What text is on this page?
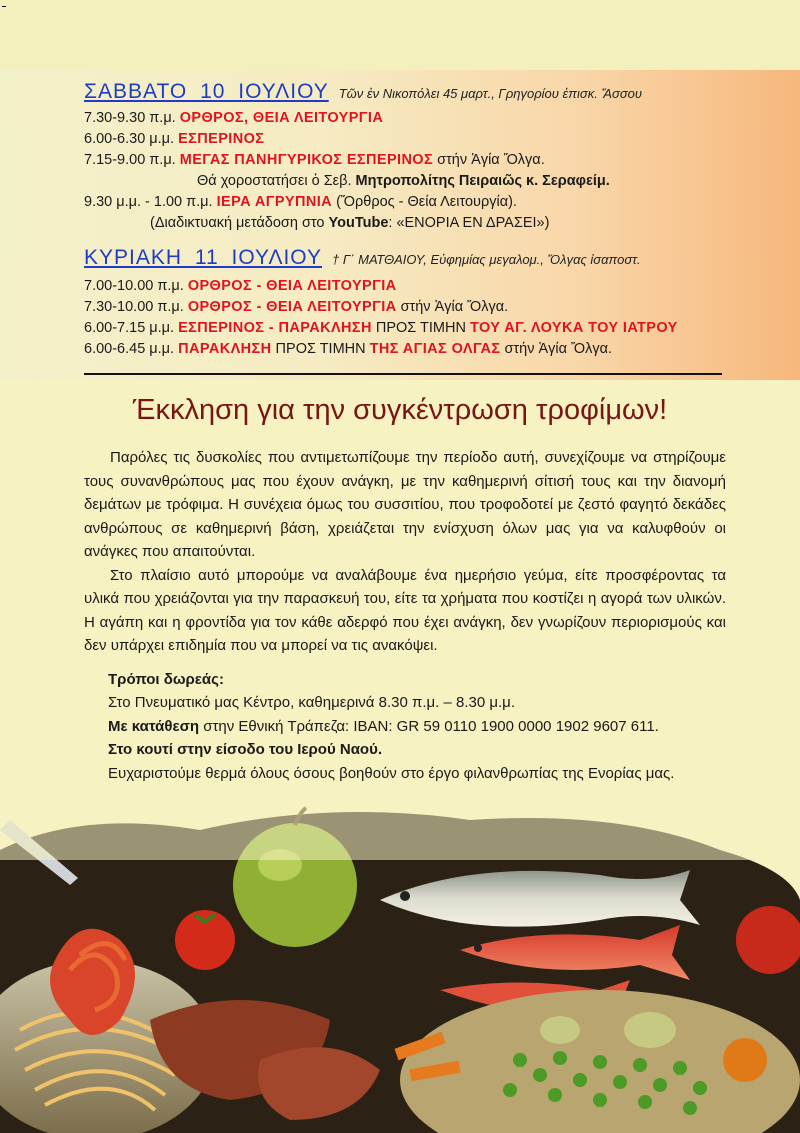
ΣΑΒΒΑΤΟ 10 ΙΟΥΛΙΟΥ Τῶν ἐν Νικοπόλει 45 μαρτ., Γρηγορίου ἐπισκ. Ἄσσου
7.30-9.30 π.μ. ΟΡΘΡΟΣ, ΘΕΙΑ ΛΕΙΤΟΥΡΓΙΑ
6.00-6.30 μ.μ. ΕΣΠΕΡΙΝΟΣ
7.15-9.00 π.μ. ΜΕΓΑΣ ΠΑΝΗΓΥΡΙΚΟΣ ΕΣΠΕΡΙΝΟΣ στήν Ἁγία Ὄλγα.
Θά χοροστατήσει ὁ Σεβ. Μητροπολίτης Πειραιῶς κ. Σεραφείμ.
9.30 μ.μ. - 1.00 π.μ. ΙΕΡΑ ΑΓΡΥΠΝΙΑ (Ὄρθρος - Θεία Λειτουργία).
(Διαδικτυακή μετάδοση στο YouTube: «ΕΝΟΡΙΑ ΕΝ ΔΡΑΣΕΙ»)
ΚΥΡΙΑΚΗ 11 ΙΟΥΛΙΟΥ † Γ΄ ΜΑΤΘΑΙΟΥ, Εὐφημίας μεγαλομ., Ὄλγας ἰσαποστ.
7.00-10.00 π.μ. ΟΡΘΡΟΣ - ΘΕΙΑ ΛΕΙΤΟΥΡΓΙΑ
7.30-10.00 π.μ. ΟΡΘΡΟΣ - ΘΕΙΑ ΛΕΙΤΟΥΡΓΙΑ στήν Ἁγία Ὄλγα.
6.00-7.15 μ.μ. ΕΣΠΕΡΙΝΟΣ - ΠΑΡΑΚΛΗΣΗ ΠΡΟΣ ΤΙΜΗΝ ΤΟΥ ΑΓ. ΛΟΥΚΑ ΤΟΥ ΙΑΤΡΟΥ
6.00-6.45 μ.μ. ΠΑΡΑΚΛΗΣΗ ΠΡΟΣ ΤΙΜΗΝ ΤΗΣ ΑΓΙΑΣ ΟΛΓΑΣ στήν Ἁγία Ὄλγα.
Έκκληση για την συγκέντρωση τροφίμων!

Παρόλες τις δυσκολίες που αντιμετωπίζουμε την περίοδο αυτή, συνεχίζουμε να στηρίζουμε τους συνανθρώπους μας που έχουν ανάγκη, με την καθημερινή σίτισή τους και την διανομή δεμάτων με τρόφιμα. Η συνέχεια όμως του συσσιτίου, που τροφοδοτεί με ζεστό φαγητό δεκάδες ανθρώπους σε καθημερινή βάση, χρειάζεται την ενίσχυση όλων μας για να καλυφθούν οι ανάγκες που απαιτούνται.

Στο πλαίσιο αυτό μπορούμε να αναλάβουμε ένα ημερήσιο γεύμα, είτε προσφέροντας τα υλικά που χρειάζονται για την παρασκευή του, είτε τα χρήματα που κοστίζει η αγορά των υλικών. Η αγάπη και η φροντίδα για τον κάθε αδερφό που έχει ανάγκη, δεν γνωρίζουν περιορισμούς και δεν υπάρχει επιδημία που να μπορεί να τις ανακόψει.

Τρόποι δωρεάς:
Στο Πνευματικό μας Κέντρο, καθημερινά 8.30 π.μ. – 8.30 μ.μ.
Με κατάθεση στην Εθνική Τράπεζα: IBAN: GR 59 0110 1900 0000 1902 9607 611.
Στο κουτί στην είσοδο του Ιερού Ναού.
Ευχαριστούμε θερμά όλους όσους βοηθούν στο έργο φιλανθρωπίας της Ενορίας μας.
